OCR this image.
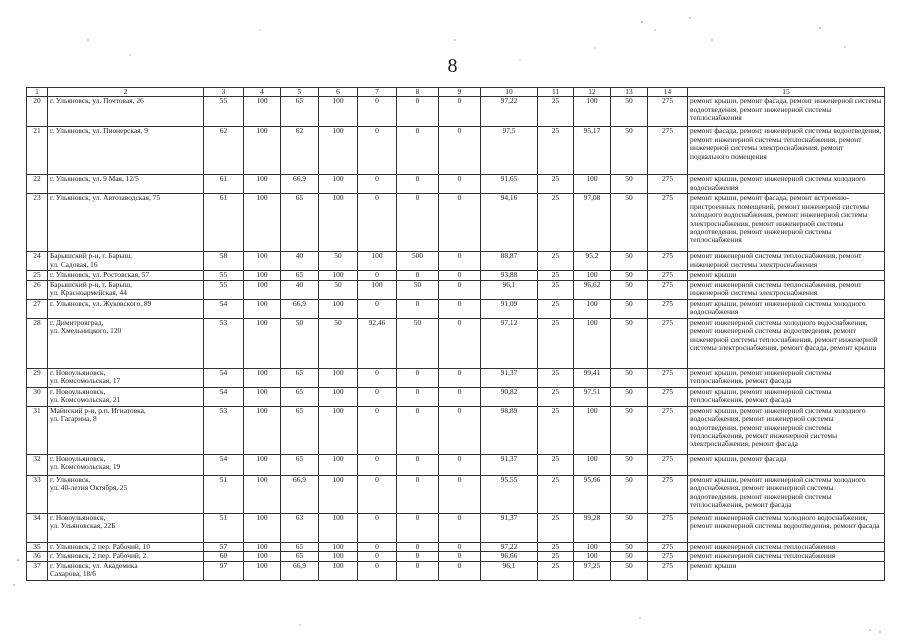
8
1	2	3	4	5	6	7	8	9	10	11	12	13	14	15
20	г. Ульяновск, ул. Почтовая, 26	55	100	65	100	0	0	0	97,22	25	100	50	275	ремонт крыши, ремонт фасада, ремонт инженерной системы водоотведения, ремонт инженерной системы теплоснабжения
21	г. Ульяновск, ул. Пионерская, 9	62	100	62	100	0	0	0	97,5	25	95,17	50	275	ремонт фасада, ремонт инженерной системы водоотведения, ремонт инженерной системы теплоснабжения, ремонт инженерной системы электроснабжения, ремонт подвального помещения
22	г. Ульяновск, ул. 9 Мая, 12/5	61	100	66,9	100	0	0	0	91,65	25	100	50	275	ремонт крыши, ремонт инженерной системы холодного водоснабжения
23	г. Ульяновск, ул. Автозаводская, 75	61	100	65	100	0	0	0	94,16	25	97,08	50	275	ремонт крыши, ремонт фасада, ремонт встроенно-пристроенных помещений, ремонт инженерной системы холодного водоснабжения, ремонт инженерной системы электроснабжения, ремонт инженерной системы водоотведения, ремонт инженерной системы теплоснабжения
24	Барышский р-н, г. Барыш,
ул. Садовая, 16	58	100	40	50	100	500	0	88,87	25	95,2	50	275	ремонт инженерной системы теплоснабжения, ремонт инженерной системы электроснабжения
25	г. Ульяновск, ул. Ростовская, 57	55	100	65	100	0	0	0	93,88	25	100	50	275	ремонт крыши
26	Барышский р-н, г. Барыш,
ул. Красноармейская, 44	55	100	40	50	100	50	0	96,1	25	96,62	50	275	ремонт инженерной системы теплоснабжения, ремонт инженерной системы электроснабжения
27	г. Ульяновск, ул. Жуковского, 89	54	100	66,9	100	0	0	0	91,09	25	100	50	275	ремонт крыши, ремонт инженерной системы холодного водоснабжения
28	г. Димитровград,
ул. Хмельницкого, 120	53	100	50	50	92,46	50	0	97,12	25	100	50	275	ремонт инженерной системы холодного водоснабжения, ремонт инженерной системы водоотведения, ремонт инженерной системы теплоснабжения, ремонт инженерной системы электроснабжения, ремонт фасада, ремонт крыши
29	г. Новоульяновск,
ул. Комсомольская, 17	54	100	65	100	0	0	0	91,37	25	99,41	50	275	ремонт крыши, ремонт инженерной системы теплоснабжения, ремонт фасада
30	г. Новоульяновск,
ул. Комсомольская, 21	54	100	65	100	0	0	0	90,82	25	97,51	50	275	ремонт крыши, ремонт инженерной системы теплоснабжения, ремонт фасада
31	Майнский р-н, р.п. Игнатовка,
ул. Гагарина, 8	53	100	65	100	0	0	0	98,89	25	100	50	275	ремонт крыши, ремонт инженерной системы холодного водоснабжения, ремонт инженерной системы водоотведения, ремонт инженерной системы теплоснабжения, ремонт инженерной системы электроснабжения, ремонт фасада
32	г. Новоульяновск,
ул. Комсомольская, 19	54	100	65	100	0	0	0	91,37	25	100	50	275	ремонт крыши, ремонт фасада
33	г. Ульяновск,
ул. 40-летия Октября, 25	51	100	66,9	100	0	0	0	95,55	25	95,66	50	275	ремонт крыши, ремонт инженерной системы холодного водоснабжения, ремонт инженерной системы водоотведения, ремонт инженерной системы теплоснабжения, ремонт фасада
34	г. Новоульяновск,
ул. Ульяновская, 22Б	51	100	63	100	0	0	0	91,37	25	99,28	50	275	ремонт инженерной системы холодного водоснабжения, ремонт инженерной системы водоотведения, ремонт фасада
35	г. Ульяновск, 2 пер. Рабочий, 10	57	100	65	100	0	0	0	97,22	25	100	50	275	ремонт инженерной системы теплоснабжения
36	г. Ульяновск, 2 пер. Рабочий, 2	60	100	65	100	0	0	0	96,66	25	100	50	275	ремонт инженерной системы теплоснабжения
37	г. Ульяновск, ул. Академика
Сахарова, 18/6	97	100	66,9	100	0	0	0	96,1	25	97,25	50	275	ремонт крыши
